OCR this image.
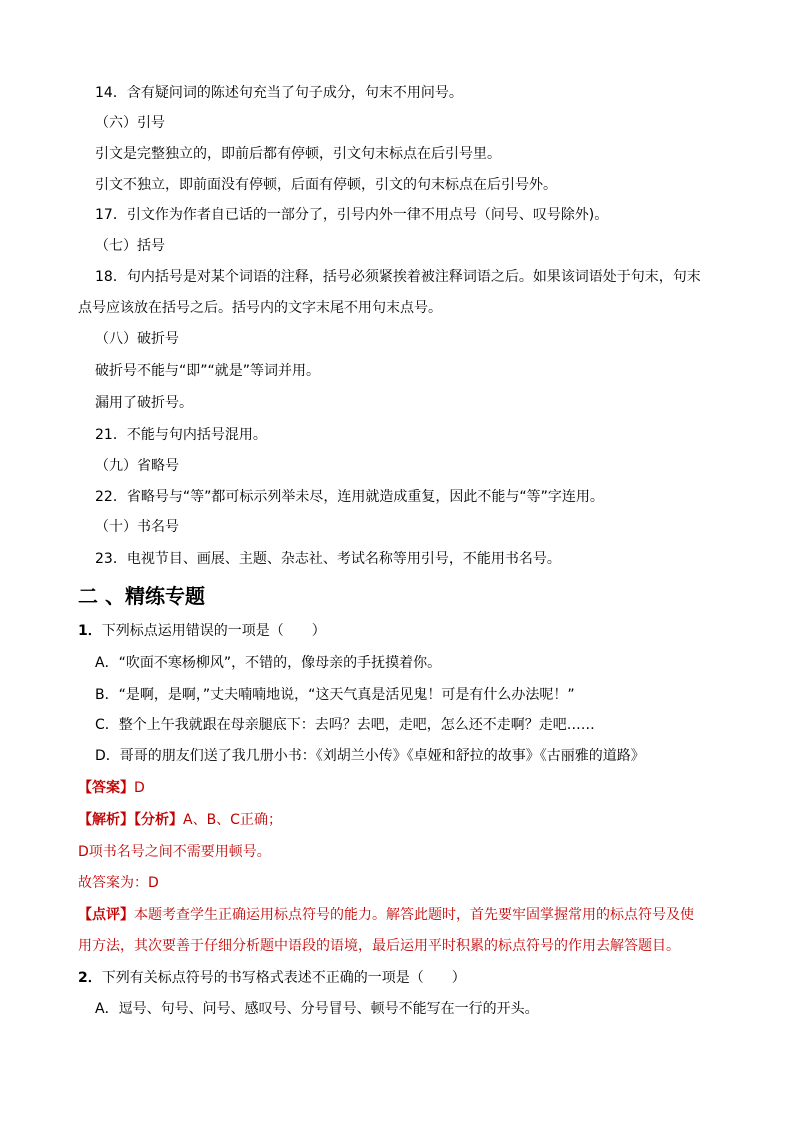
14．含有疑问词的陈述句充当了句子成分，句末不用问号。
（六）引号
引文是完整独立的，即前后都有停顿，引文句末标点在后引号里。
引文不独立，即前面没有停顿，后面有停顿，引文的句末标点在后引号外。
17．引文作为作者自已话的一部分了，引号内外一律不用点号（问号、叹号除外)。
（七）括号
18．句内括号是对某个词语的注释，括号必须紧挨着被注释词语之后。如果该词语处于句末，句末
点号应该放在括号之后。括号内的文字末尾不用句末点号。
（八）破折号
破折号不能与“即”“就是”等词并用。
漏用了破折号。
21．不能与句内括号混用。
（九）省略号
22．省略号与“等”都可标示列举未尽，连用就造成重复，因此不能与“等”字连用。
（十）书名号
23．电视节目、画展、主题、杂志社、考试名称等用引号，不能用书名号。
二 、精练专题
1．下列标点运用错误的一项是（　　）
A．“吹面不寒杨柳风”，不错的，像母亲的手抚摸着你。
B．“是啊，是啊，”丈夫喃喃地说，“这天气真是活见鬼！可是有什么办法呢！”
C．整个上午我就跟在母亲腿底下：去吗？去吧，走吧，怎么还不走啊？走吧……
D．哥哥的朋友们送了我几册小书：《刘胡兰小传》《卓娅和舒拉的故事》《古丽雅的道路》
【答案】D
【解析】【分析】A、B、C正确；
D项书名号之间不需要用顿号。
故答案为：D
【点评】本题考查学生正确运用标点符号的能力。解答此题时，首先要牢固掌握常用的标点符号及使
用方法，其次要善于仔细分析题中语段的语境，最后运用平时积累的标点符号的作用去解答题目。
2．下列有关标点符号的书写格式表述不正确的一项是（　　）
A．逗号、句号、问号、感叹号、分号冒号、顿号不能写在一行的开头。
